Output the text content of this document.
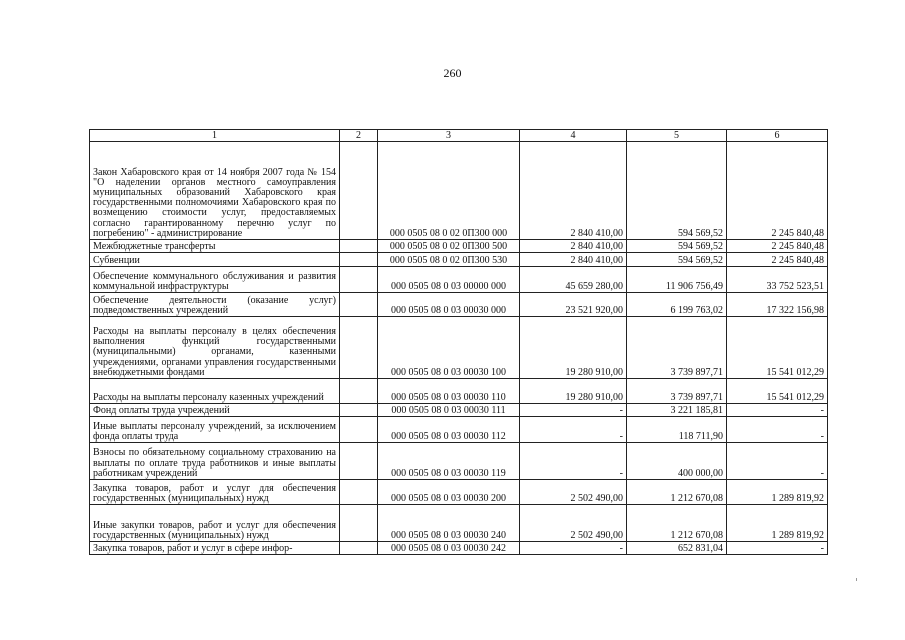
260
1	2	3	4	5	6
Закон Хабаровского края от 14 ноября 2007 года № 154 "О наделении органов местного самоуправления муниципальных образований Хабаровского края государственными полномочиями Хабаровского края по возмещению стоимости услуг, предоставляемых согласно гарантированному перечню услуг по погребению" - администрирование		000 0505 08 0 02 0П300 000	2 840 410,00	594 569,52	2 245 840,48
Межбюджетные трансферты		000 0505 08 0 02 0П300 500	2 840 410,00	594 569,52	2 245 840,48
Субвенции		000 0505 08 0 02 0П300 530	2 840 410,00	594 569,52	2 245 840,48
Обеспечение коммунального обслуживания и развития коммунальной инфраструктуры		000 0505 08 0 03 00000 000	45 659 280,00	11 906 756,49	33 752 523,51
Обеспечение деятельности (оказание услуг) подведомственных учреждений		000 0505 08 0 03 00030 000	23 521 920,00	6 199 763,02	17 322 156,98
Расходы на выплаты персоналу в целях обеспечения выполнения функций государственными (муниципальными) органами, казенными учреждениями, органами управления государственными внебюджетными фондами		000 0505 08 0 03 00030 100	19 280 910,00	3 739 897,71	15 541 012,29
Расходы на выплаты персоналу казенных учреждений		000 0505 08 0 03 00030 110	19 280 910,00	3 739 897,71	15 541 012,29
Фонд оплаты труда учреждений		000 0505 08 0 03 00030 111	-	3 221 185,81	-
Иные выплаты персоналу учреждений, за исключением фонда оплаты труда		000 0505 08 0 03 00030 112	-	118 711,90	-
Взносы по обязательному социальному страхованию на выплаты по оплате труда работников и иные выплаты работникам учреждений		000 0505 08 0 03 00030 119	-	400 000,00	-
Закупка товаров, работ и услуг для обеспечения государственных (муниципальных) нужд		000 0505 08 0 03 00030 200	2 502 490,00	1 212 670,08	1 289 819,92
Иные закупки товаров, работ и услуг для обеспечения государственных (муниципальных) нужд		000 0505 08 0 03 00030 240	2 502 490,00	1 212 670,08	1 289 819,92
Закупка товаров, работ и услуг в сфере инфор-		000 0505 08 0 03 00030 242	-	652 831,04	-
